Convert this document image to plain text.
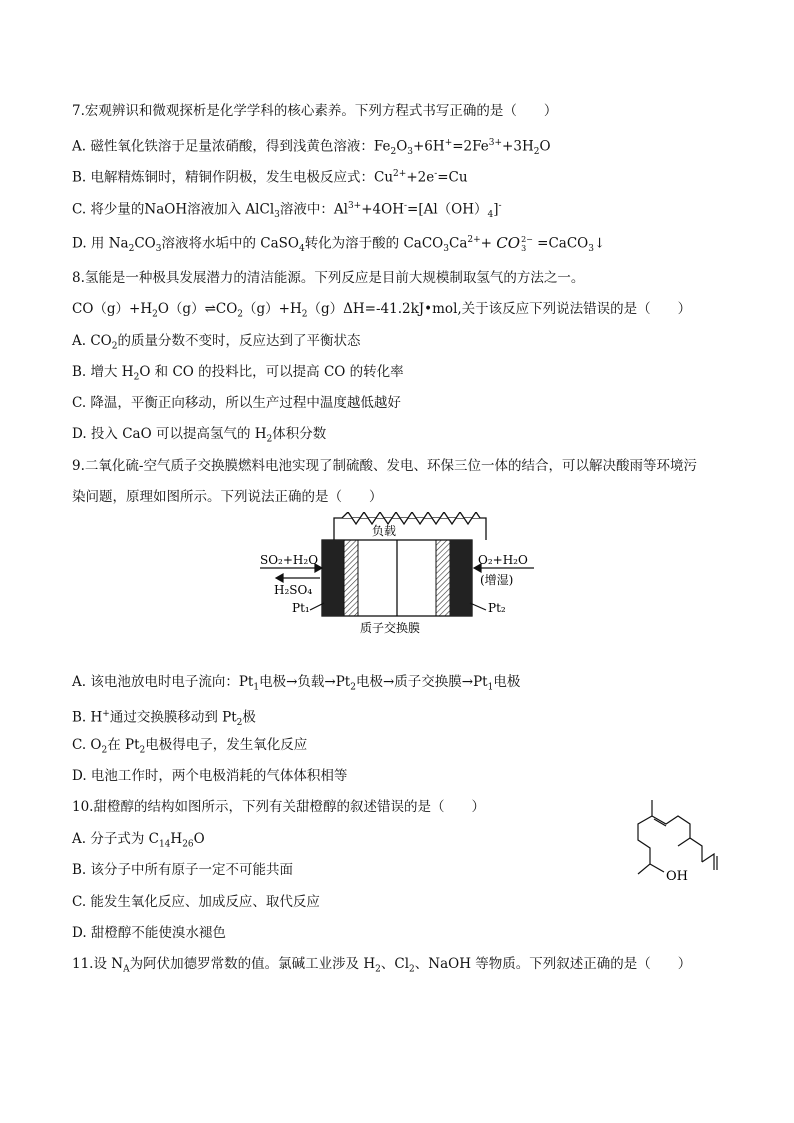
7.宏观辨识和微观探析是化学学科的核心素养。下列方程式书写正确的是（　　）
A. 磁性氧化铁溶于足量浓硝酸，得到浅黄色溶液：$Fe_2O_3+6H^+=2Fe^{3+}+3H_2O$
B. 电解精炼铜时，精铜作阴极，发生电极反应式：$Cu^{2+}+2e^-=Cu$
C. 将少量的NaOH溶液加入 AlCl$_3$溶液中：$Al^{3+}+4OH^-=[Al(OH)_4]^-$
D. 用 $Na_2CO_3$溶液将水垢中的 CaSO$_4$转化为溶于酸的 $CaCO_3Ca^{2+}+$ CO 2−
3 =CaCO$_3$↓
8.氢能是一种极具发展潜力的清洁能源。下列反应是目前大规模制取氢气的方法之一。
$CO(g)+H_2O(g)\rightleftharpoons CO_2(g)+H_2(g)\Delta H=-41.2kJ•mol$,关于该反应下列说法错误的是（　　）
A. $CO_2$的质量分数不变时，反应达到了平衡状态
B. 增大 $H_2O$ 和 CO 的投料比，可以提高 CO 的转化率
C. 降温，平衡正向移动，所以生产过程中温度越低越好
D. 投入 CaO 可以提高氢气的 $H_2$体积分数
9.二氧化硫-空气质子交换膜燃料电池实现了制硫酸、发电、环保三位一体的结合，可以解决酸雨等环境污
染问题，原理如图所示。下列说法正确的是（　　）
负载
SO₂+H₂O
H₂SO₄
Pt₁
O₂+H₂O
(增湿)
Pt₂
质子交换膜
A. 该电池放电时电子流向：$Pt_1$电极→负载$\to Pt_2$电极→质子交换膜$\to Pt_1$电极
B. H+通过交换膜移动到 $Pt_2$极
C. $O_2$在 $Pt_2$电极得电子，发生氧化反应
D. 电池工作时，两个电极消耗的气体体积相等
10.甜橙醇的结构如图所示，下列有关甜橙醇的叙述错误的是（　　）
A. 分子式为 $C_{14}H_{26}O$
B. 该分子中所有原子一定不可能共面
C. 能发生氧化反应、加成反应、取代反应
D. 甜橙醇不能使溴水褪色
OH
11.设 $N_A$为阿伏加德罗常数的值。氯碱工业涉及 $H_2$、$Cl_2$、NaOH 等物质。下列叙述正确的是（　　）
